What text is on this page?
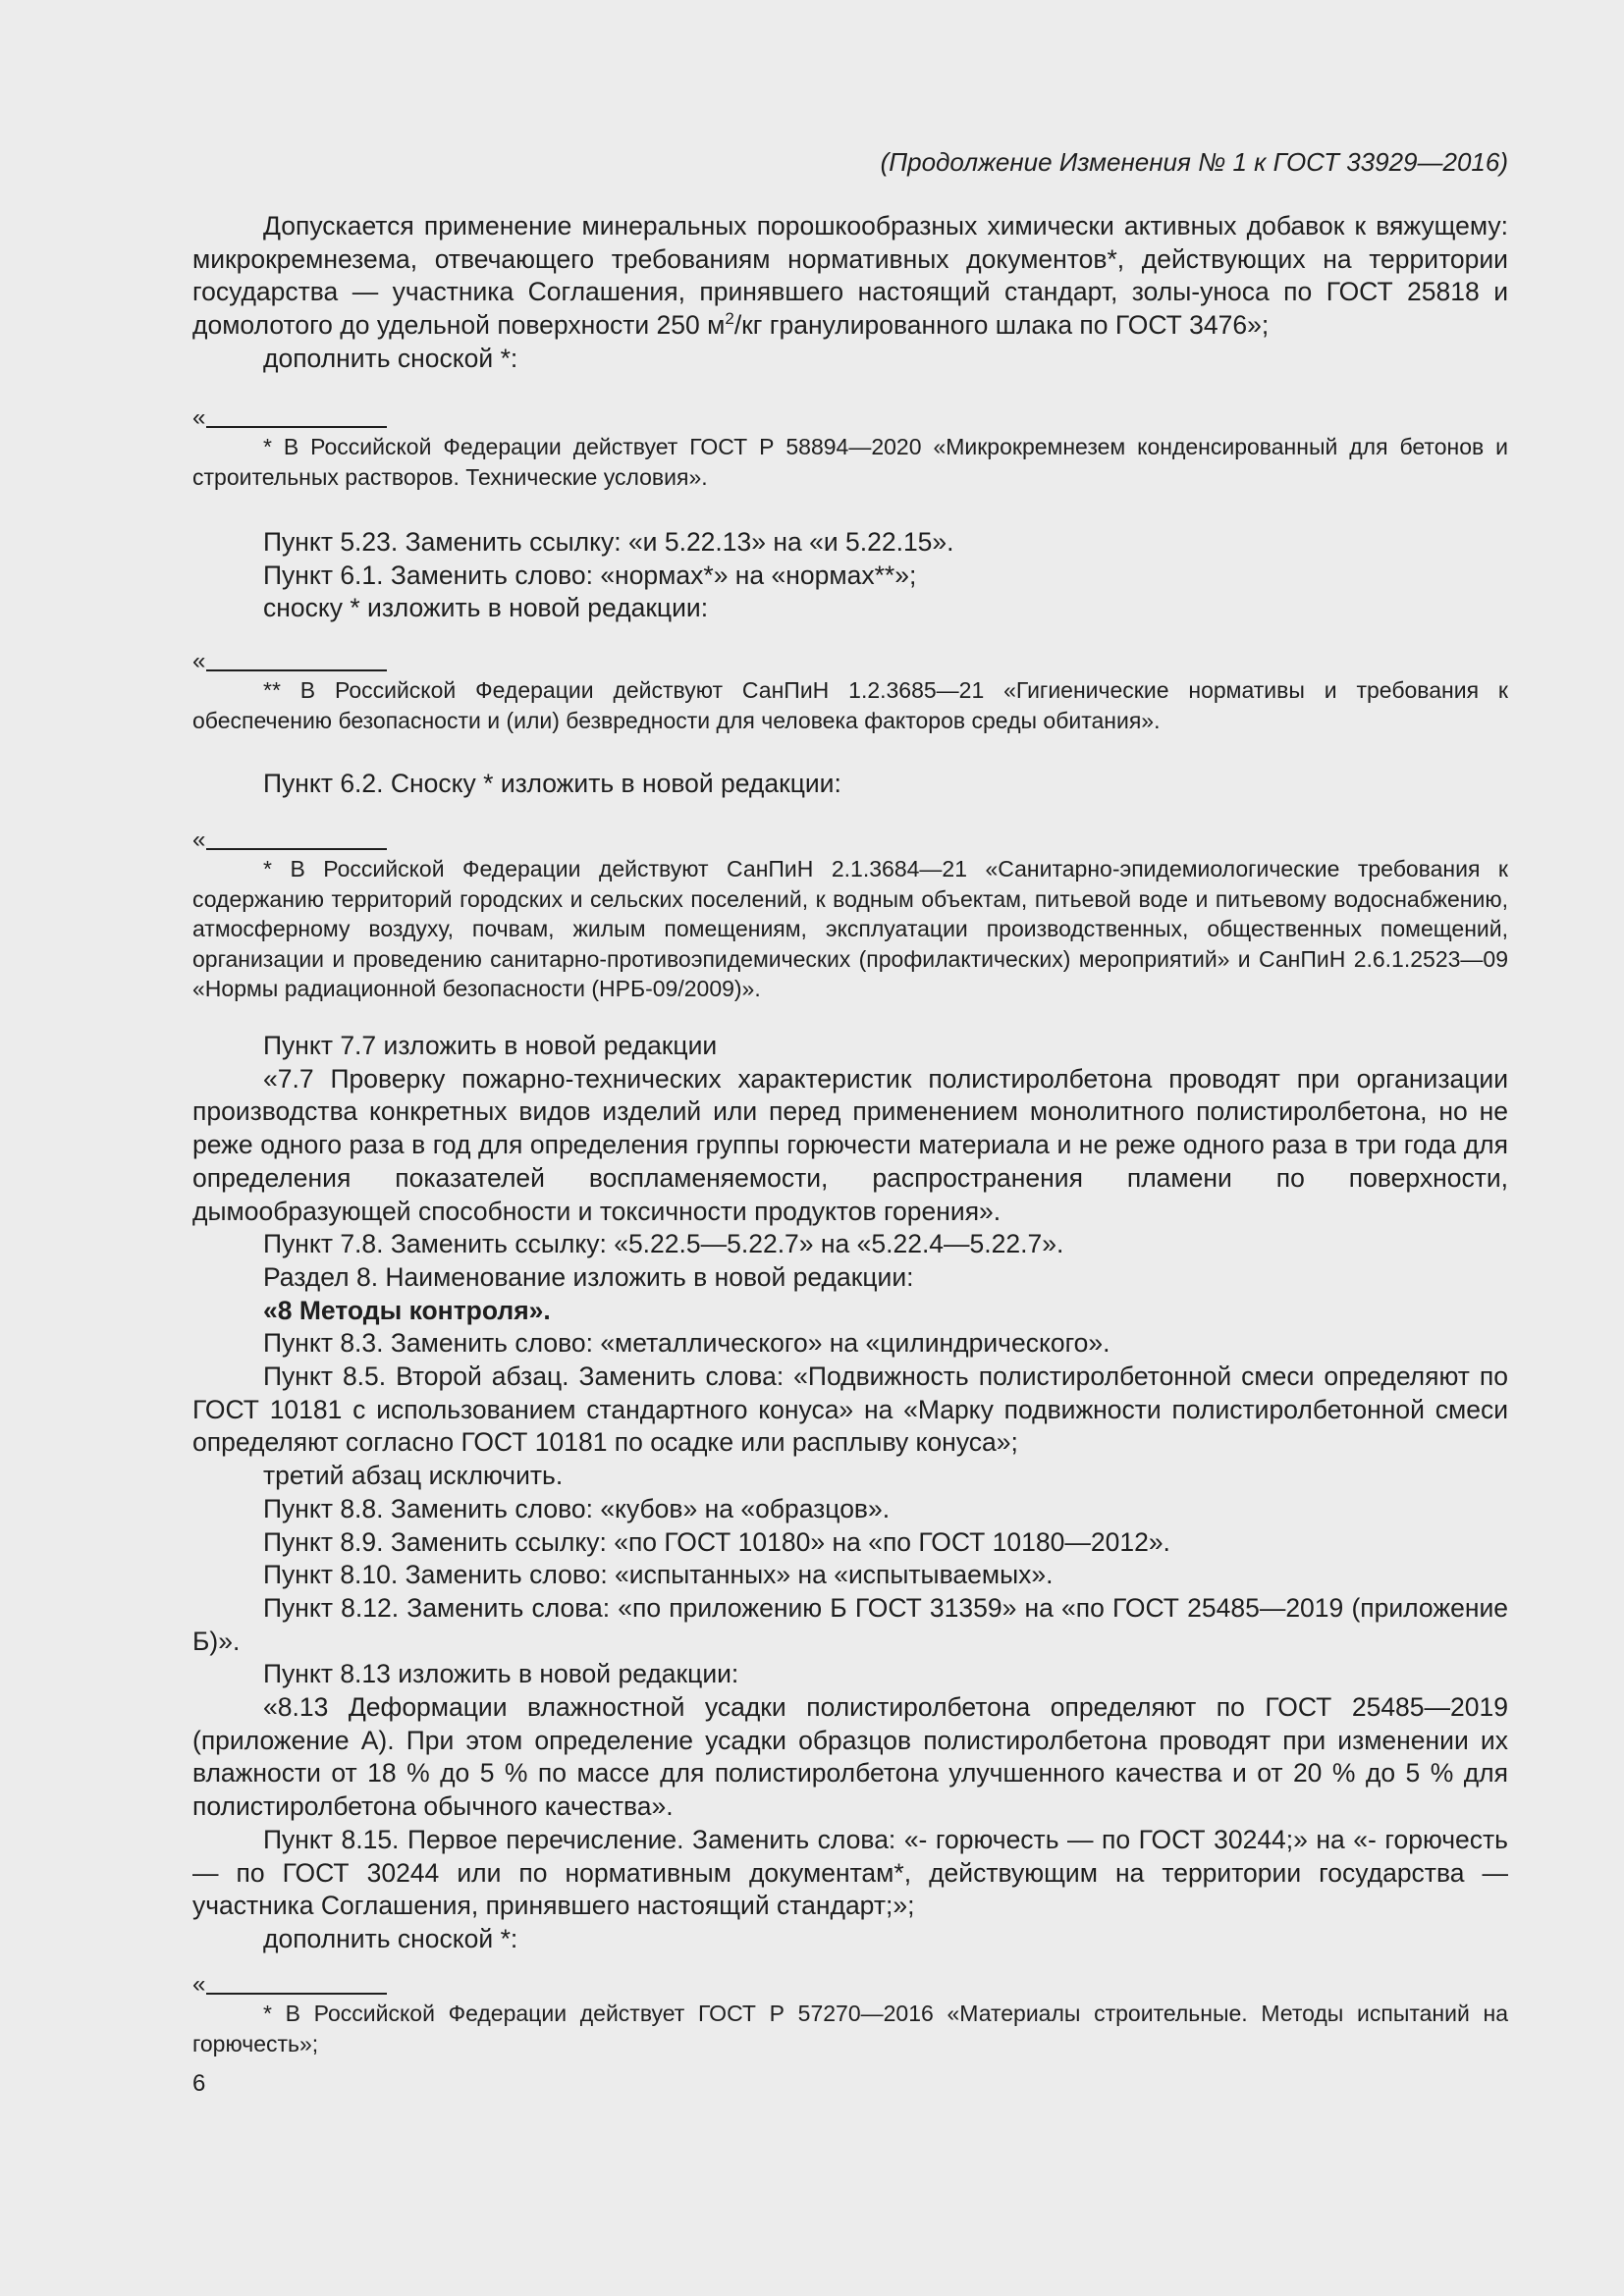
(Продолжение Изменения № 1 к ГОСТ 33929—2016)

Допускается применение минеральных порошкообразных химически активных добавок к вяжущему: микрокремнезема, отвечающего требованиям нормативных документов*, действующих на территории государства — участника Соглашения, принявшего настоящий стандарт, золы-уноса по ГОСТ 25818 и домолотого до удельной поверхности 250 $м^2/кг$ гранулированного шлака по ГОСТ 3476»;

дополнить сноской *:

«

* В Российской Федерации действует ГОСТ Р 58894—2020 «Микрокремнезем конденсированный для бетонов и строительных растворов. Технические условия».

Пункт 5.23. Заменить ссылку: «и 5.22.13» на «и 5.22.15».

Пункт 6.1. Заменить слово: «нормах*» на «нормах**»;

сноску * изложить в новой редакции:

«

** В Российской Федерации действуют СанПиН 1.2.3685—21 «Гигиенические нормативы и требования к обеспечению безопасности и (или) безвредности для человека факторов среды обитания».

Пункт 6.2. Сноску * изложить в новой редакции:

«

* В Российской Федерации действуют СанПиН 2.1.3684—21 «Санитарно-эпидемиологические требования к содержанию территорий городских и сельских поселений, к водным объектам, питьевой воде и питьевому водоснабжению, атмосферному воздуху, почвам, жилым помещениям, эксплуатации производственных, общественных помещений, организации и проведению санитарно-противоэпидемических (профилактических) мероприятий» и СанПиН 2.6.1.2523—09 «Нормы радиационной безопасности (НРБ-09/2009)».

Пункт 7.7 изложить в новой редакции

«7.7 Проверку пожарно-технических характеристик полистиролбетона проводят при организации производства конкретных видов изделий или перед применением монолитного полистиролбетона, но не реже одного раза в год для определения группы горючести материала и не реже одного раза в три года для определения показателей воспламеняемости, распространения пламени по поверхности, дымообразующей способности и токсичности продуктов горения».

Пункт 7.8. Заменить ссылку: «5.22.5—5.22.7» на «5.22.4—5.22.7».

Раздел 8. Наименование изложить в новой редакции:

«8 Методы контроля».

Пункт 8.3. Заменить слово: «металлического» на «цилиндрического».

Пункт 8.5. Второй абзац. Заменить слова: «Подвижность полистиролбетонной смеси определяют по ГОСТ 10181 с использованием стандартного конуса» на «Марку подвижности полистиролбетонной смеси определяют согласно ГОСТ 10181 по осадке или расплыву конуса»;

третий абзац исключить.

Пункт 8.8. Заменить слово: «кубов» на «образцов».

Пункт 8.9. Заменить ссылку: «по ГОСТ 10180» на «по ГОСТ 10180—2012».

Пункт 8.10. Заменить слово: «испытанных» на «испытываемых».

Пункт 8.12. Заменить слова: «по приложению Б ГОСТ 31359» на «по ГОСТ 25485—2019 (приложение Б)».

Пункт 8.13 изложить в новой редакции:

«8.13 Деформации влажностной усадки полистиролбетона определяют по ГОСТ 25485—2019 (приложение А). При этом определение усадки образцов полистиролбетона проводят при изменении их влажности от 18 % до 5 % по массе для полистиролбетона улучшенного качества и от 20 % до 5 % для полистиролбетона обычного качества».

Пункт 8.15. Первое перечисление. Заменить слова: «- горючесть — по ГОСТ 30244;» на «- горючесть — по ГОСТ 30244 или по нормативным документам*, действующим на территории государства — участника Соглашения, принявшего настоящий стандарт;»;

дополнить сноской *:

«

* В Российской Федерации действует ГОСТ Р 57270—2016 «Материалы строительные. Методы испытаний на горючесть»;

6
